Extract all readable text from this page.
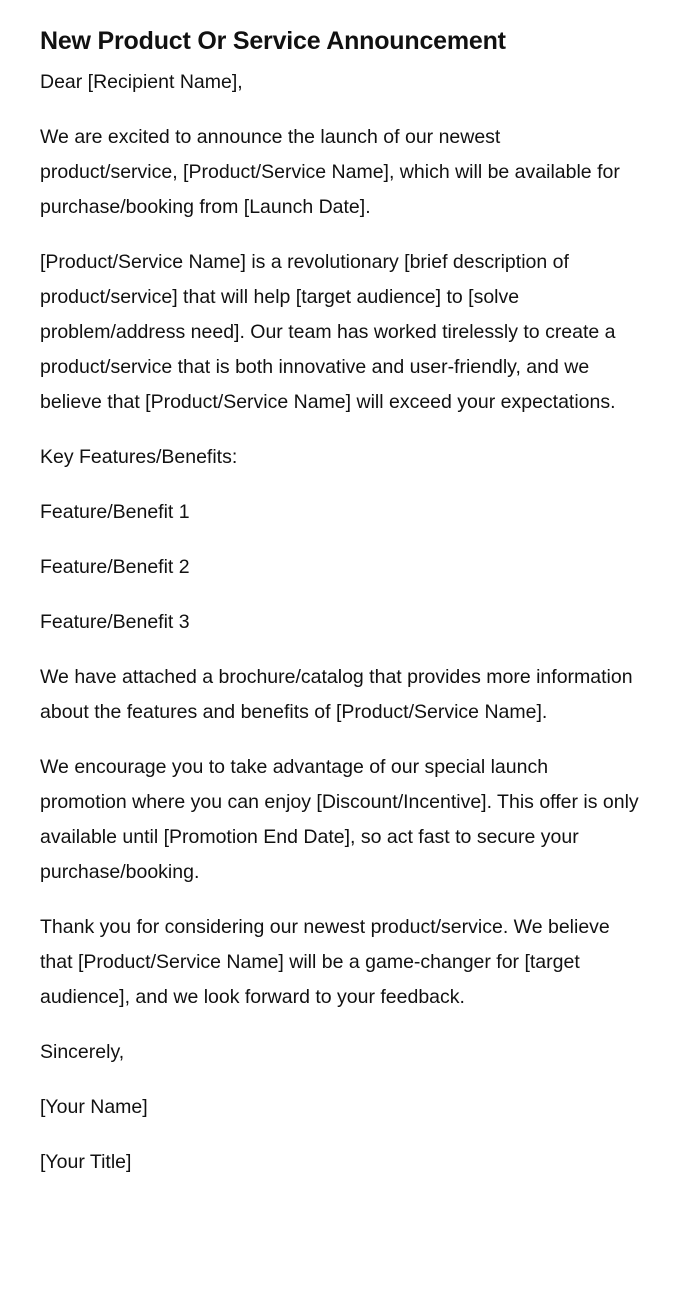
New Product Or Service Announcement

Dear [Recipient Name],

We are excited to announce the launch of our newest product/service, [Product/Service Name], which will be available for purchase/booking from [Launch Date].

[Product/Service Name] is a revolutionary [brief description of product/service] that will help [target audience] to [solve problem/address need]. Our team has worked tirelessly to create a product/service that is both innovative and user-friendly, and we believe that [Product/Service Name] will exceed your expectations.

Key Features/Benefits:

Feature/Benefit 1

Feature/Benefit 2

Feature/Benefit 3

We have attached a brochure/catalog that provides more information about the features and benefits of [Product/Service Name].

We encourage you to take advantage of our special launch promotion where you can enjoy [Discount/Incentive]. This offer is only available until [Promotion End Date], so act fast to secure your purchase/booking.

Thank you for considering our newest product/service. We believe that [Product/Service Name] will be a game-changer for [target audience], and we look forward to your feedback.

Sincerely,

[Your Name]

[Your Title]
